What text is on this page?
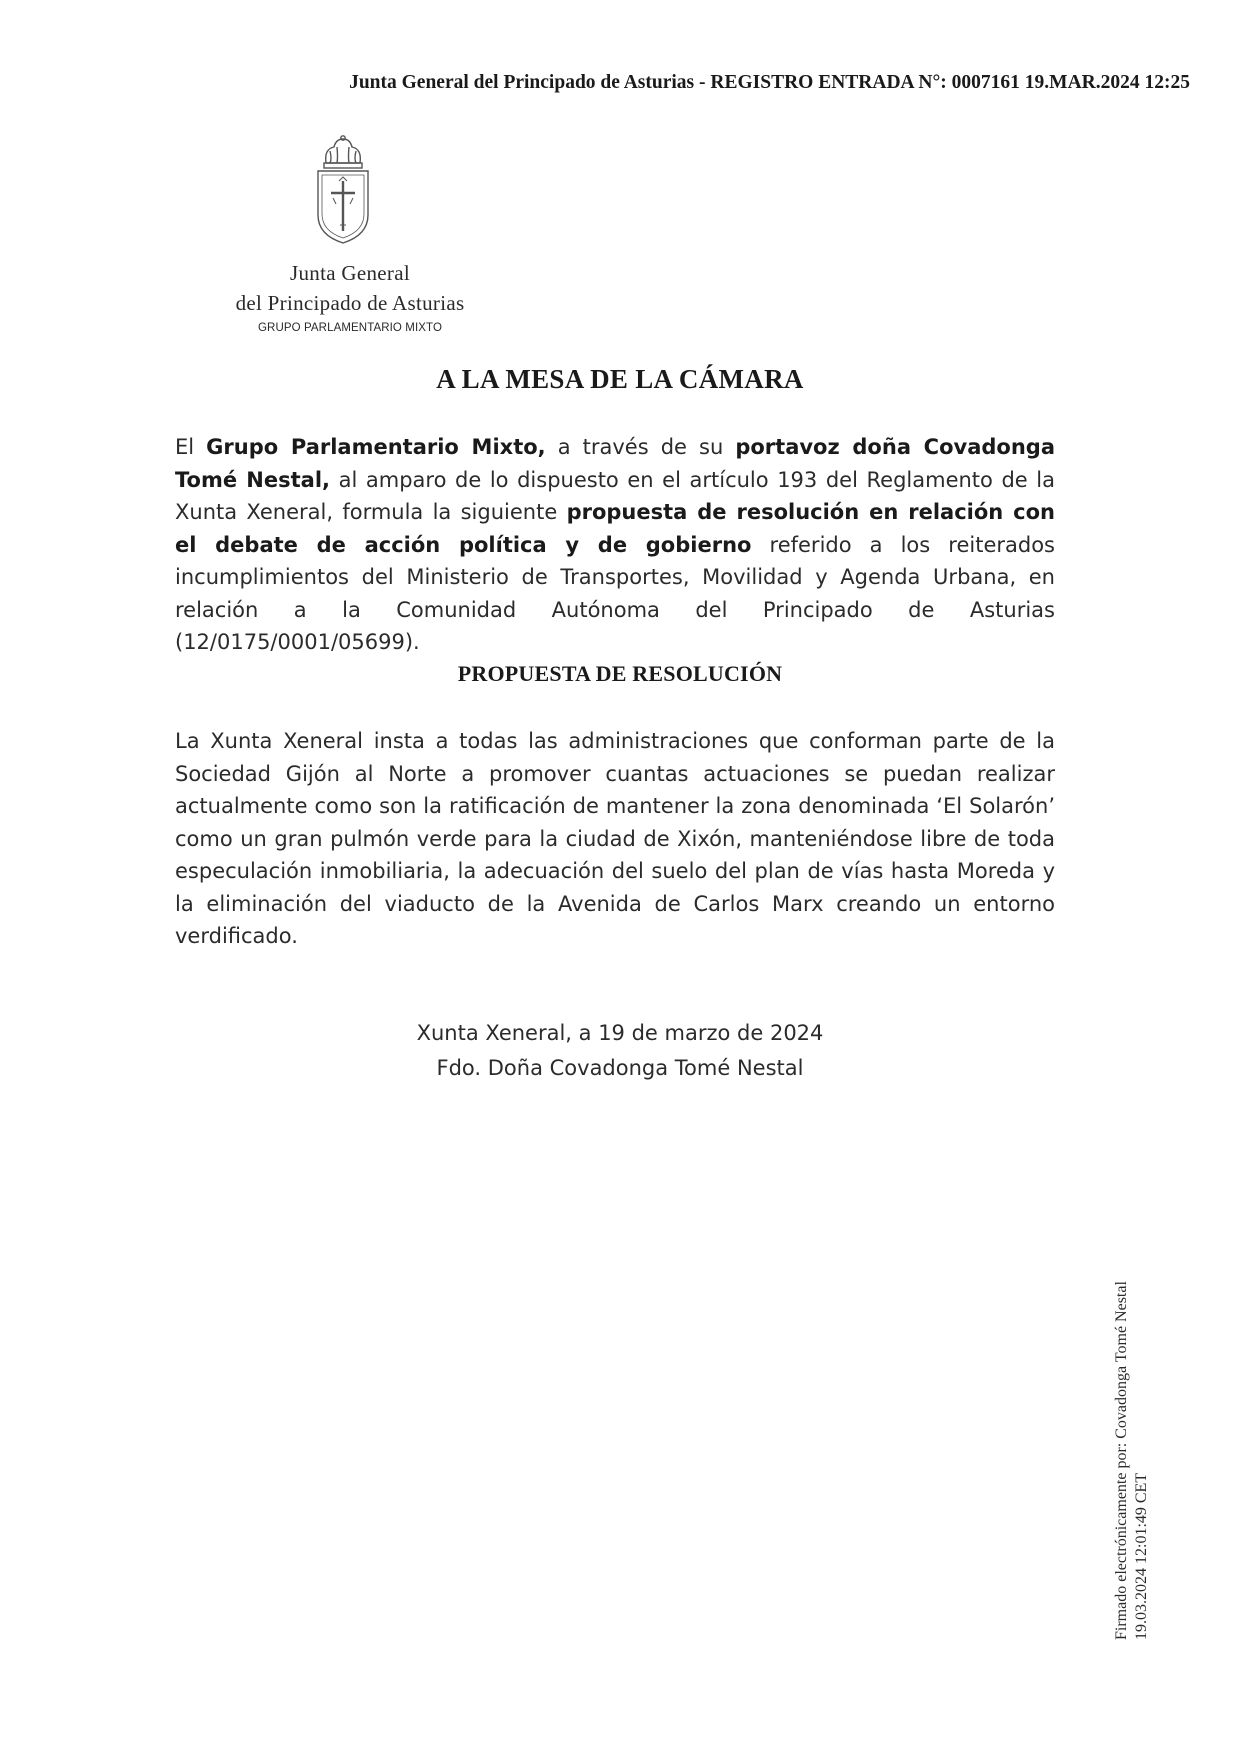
Junta General del Principado de Asturias - REGISTRO ENTRADA N°: 0007161 19.MAR.2024 12:25
Junta General
del Principado de Asturias
GRUPO PARLAMENTARIO MIXTO
A LA MESA DE LA CÁMARA
El Grupo Parlamentario Mixto, a través de su portavoz doña Covadonga Tomé Nestal, al amparo de lo dispuesto en el artículo 193 del Reglamento de la Xunta Xeneral, formula la siguiente propuesta de resolución en relación con el debate de acción política y de gobierno referido a los reiterados incumplimientos del Ministerio de Transportes, Movilidad y Agenda Urbana, en relación a la Comunidad Autónoma del Principado de Asturias (12/0175/0001/05699).
PROPUESTA DE RESOLUCIÓN
La Xunta Xeneral insta a todas las administraciones que conforman parte de la Sociedad Gijón al Norte a promover cuantas actuaciones se puedan realizar actualmente como son la ratificación de mantener la zona denominada ‘El Solarón’ como un gran pulmón verde para la ciudad de Xixón, manteniéndose libre de toda especulación inmobiliaria, la adecuación del suelo del plan de vías hasta Moreda y la eliminación del viaducto de la Avenida de Carlos Marx creando un entorno verdificado.
Xunta Xeneral, a 19 de marzo de 2024
Fdo. Doña Covadonga Tomé Nestal
Firmado electrónicamente por: Covadonga Tomé Nestal 19.03.2024 12:01:49 CET
